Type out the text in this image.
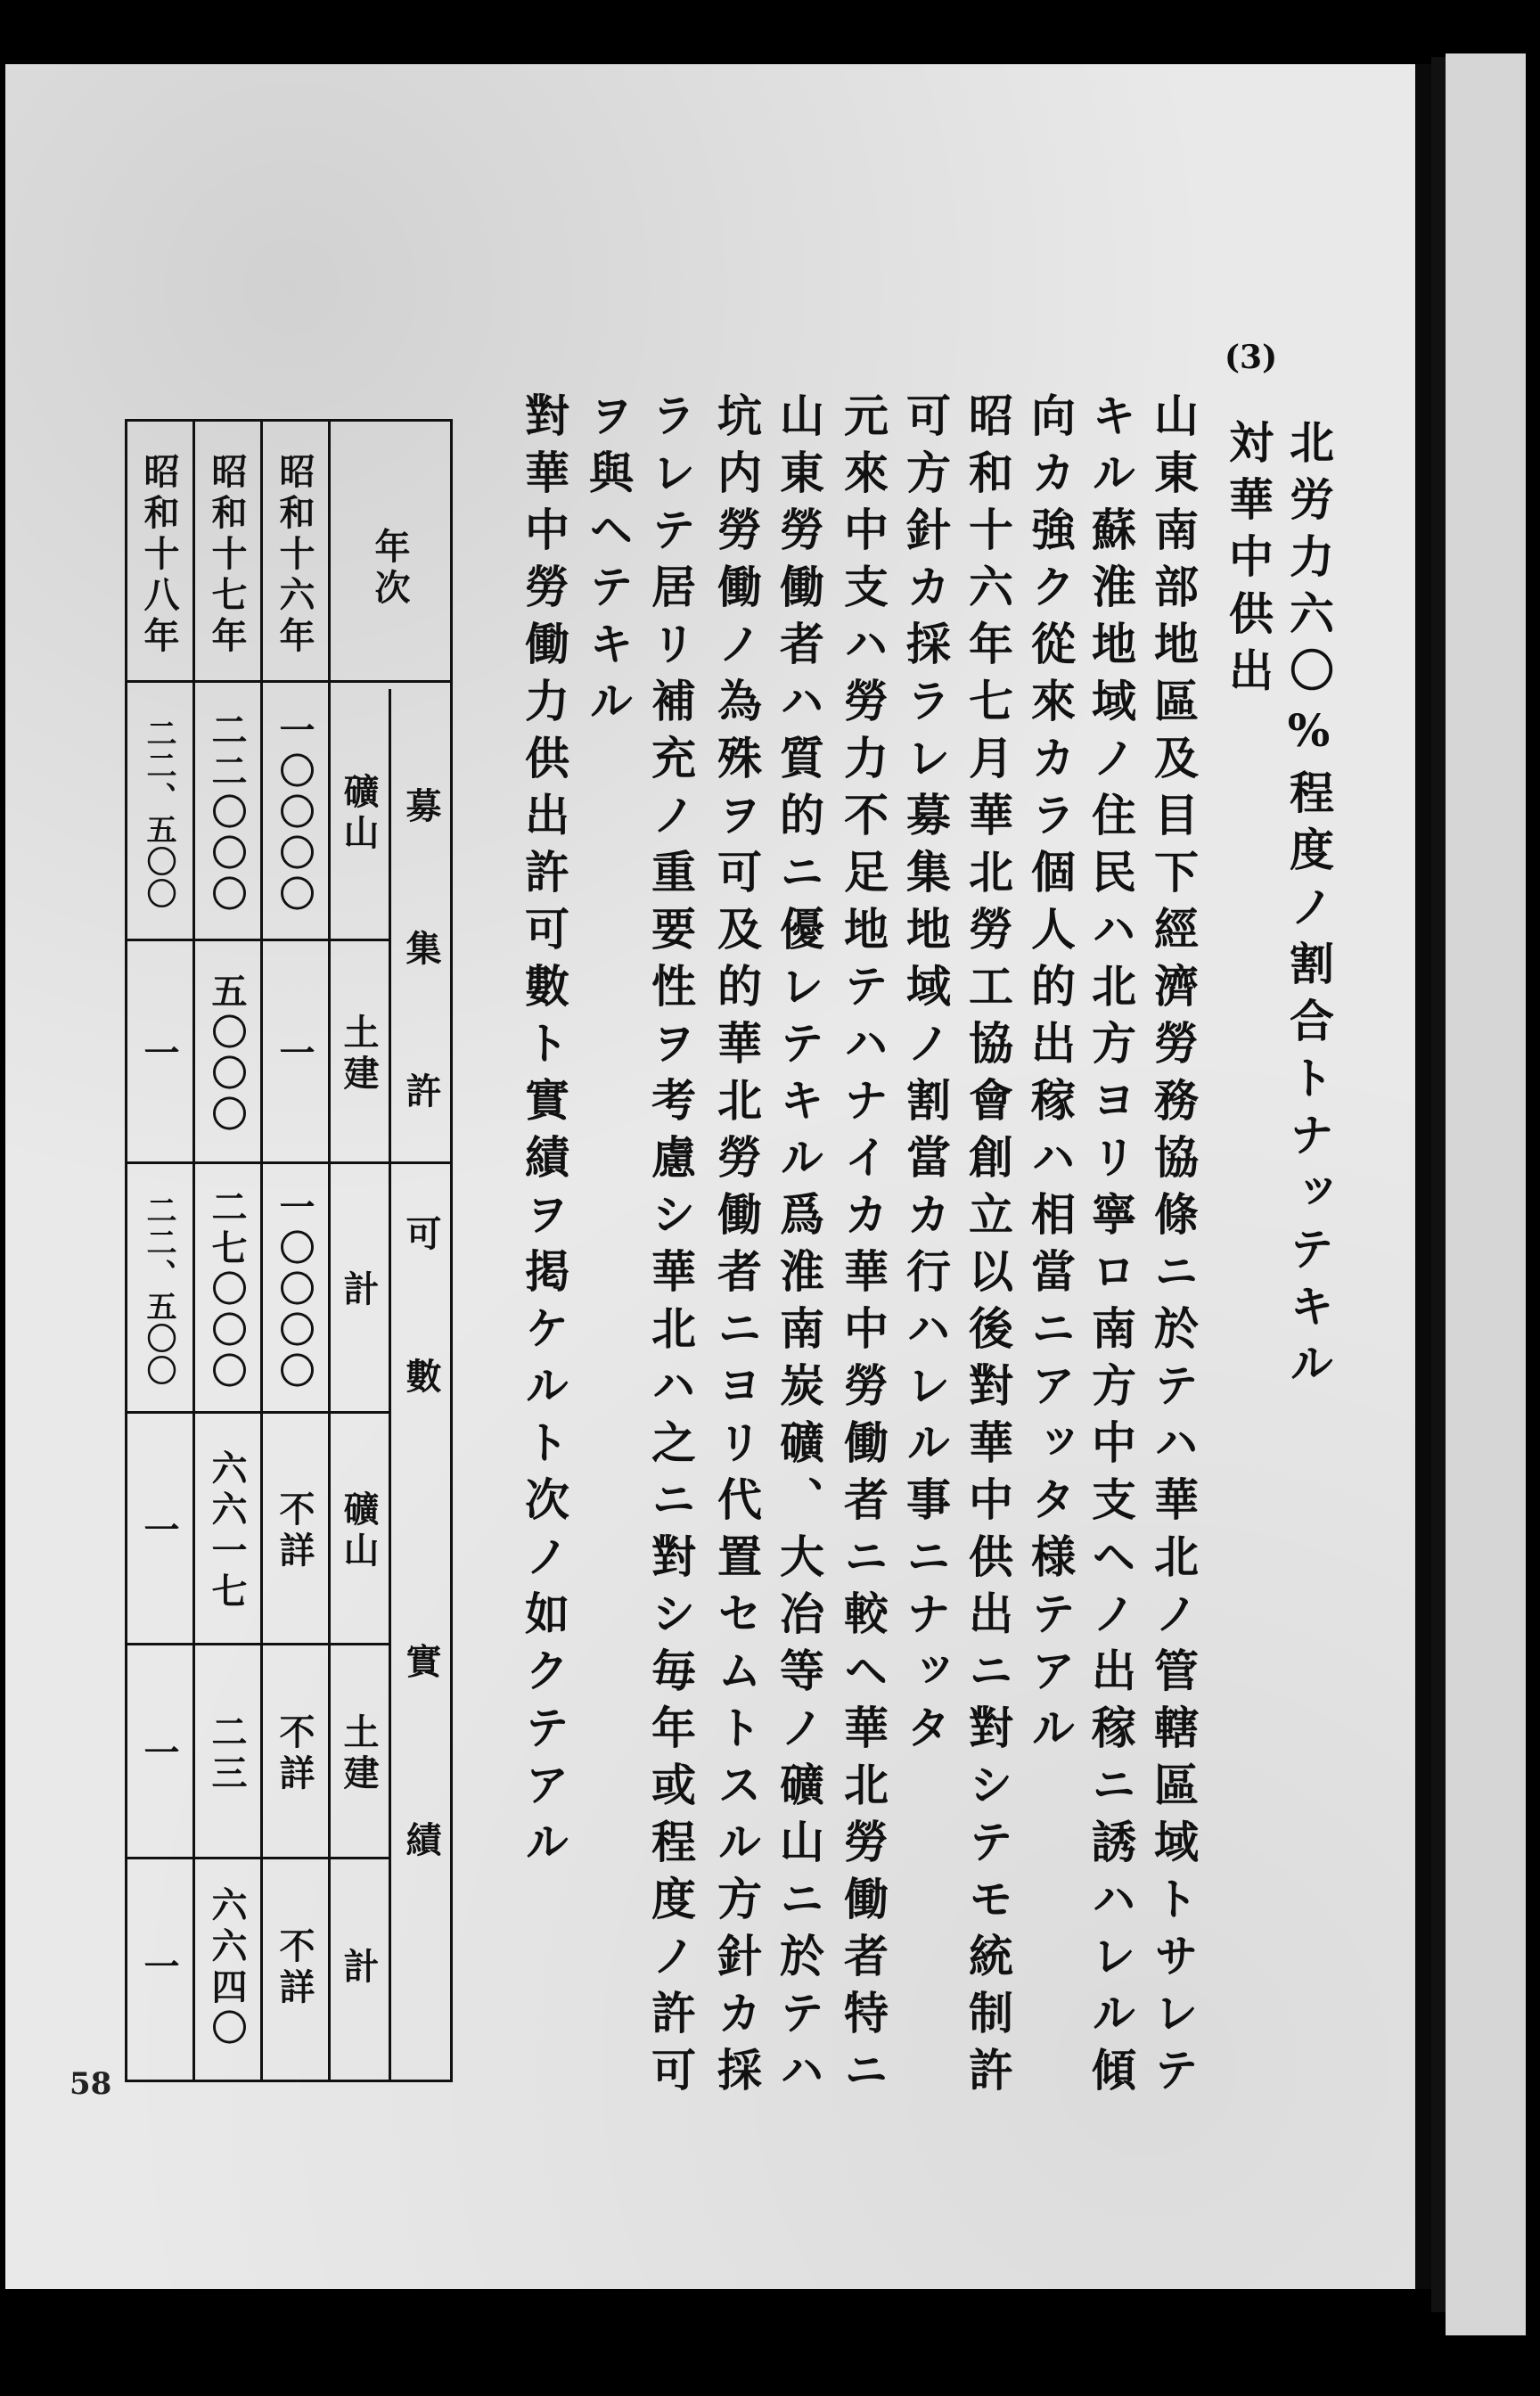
(3)
北労力六〇%程度ノ割合トナッテキル
対華中供出
山東南部地區及目下經濟勞務協條ニ於テハ華北ノ管轄區域トサレテ
キル蘇淮地域ノ住民ハ北方ヨリ寧ロ南方中支ヘノ出稼ニ誘ハレル傾
向カ強ク從來カラ個人的出稼ハ相當ニアッタ様テアル
昭和十六年七月華北勞工協會創立以後對華中供出ニ對シテモ統制許
可方針カ採ラレ募集地域ノ割當カ行ハレル事ニナッタ
元來中支ハ勞力不足地テハナイカ華中勞働者ニ較ヘ華北勞働者特ニ
山東勞働者ハ質的ニ優レテキル爲淮南炭礦、大冶等ノ礦山ニ於テハ
坑内勞働ノ為殊ヲ可及的華北勞働者ニヨリ代置セムトスル方針カ採
ラレテ居リ補充ノ重要性ヲ考慮シ華北ハ之ニ對シ毎年或程度ノ許可
ヲ與ヘテキル
對華中勞働力供出許可數ト實績ヲ掲ケルト次ノ如クテアル
年次
募集許可數
實績
礦山
土建
計
礦山
土建
計
昭和十六年
一〇〇〇〇
一
一〇〇〇〇
不詳
不詳
不詳
昭和十七年
二二〇〇〇
五〇〇〇
二七〇〇〇
六六一七
二三
六六四〇
昭和十八年
二二、五〇〇
一
二二、五〇〇
一
一
一
58
